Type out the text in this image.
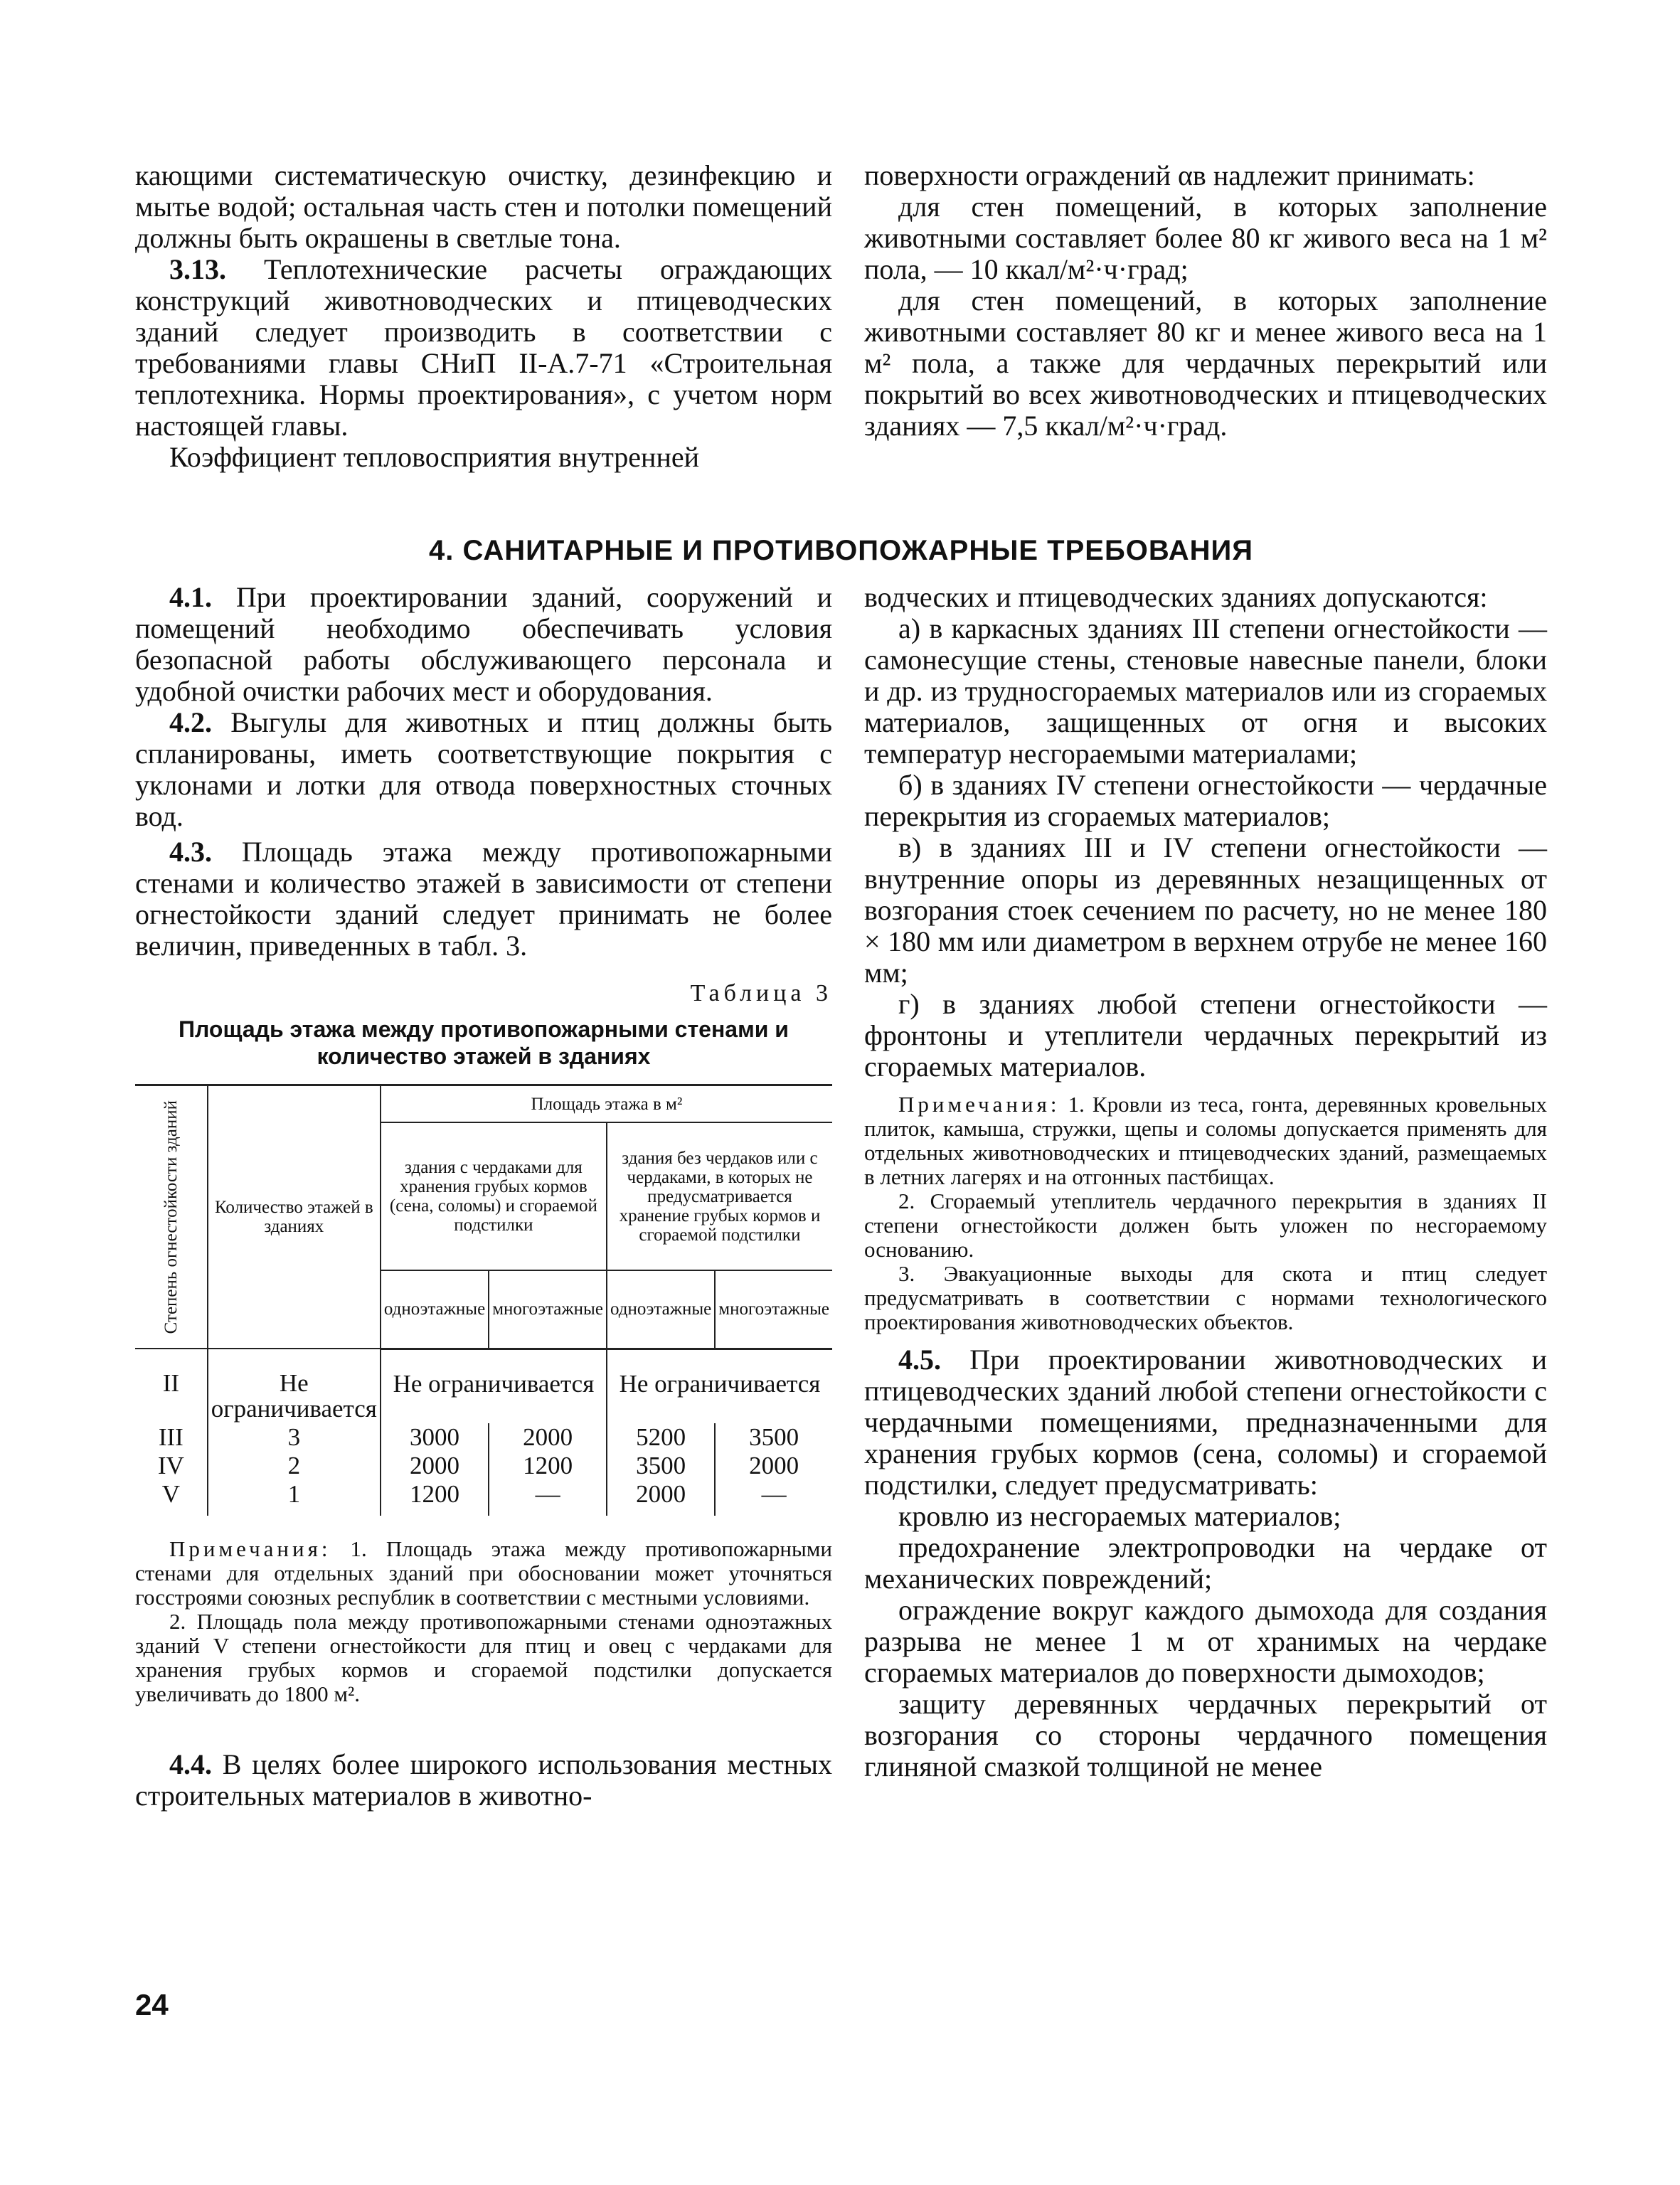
кающими систематическую очистку, дезинфекцию и мытье водой; остальная часть стен и потолки помещений должны быть окрашены в светлые тона.

3.13. Теплотехнические расчеты ограждающих конструкций животноводческих и птицеводческих зданий следует производить в соответствии с требованиями главы СНиП II-А.7-71 «Строительная теплотехника. Нормы проектирования», с учетом норм настоящей главы.

Коэффициент тепловосприятия внутренней

поверхности ограждений αв надлежит принимать:

для стен помещений, в которых заполнение животными составляет более 80 кг живого веса на 1 м² пола, — 10 ккал/м²·ч·град;

для стен помещений, в которых заполнение животными составляет 80 кг и менее живого веса на 1 м² пола, а также для чердачных перекрытий или покрытий во всех животноводческих и птицеводческих зданиях — 7,5 ккал/м²·ч·град.

4. САНИТАРНЫЕ И ПРОТИВОПОЖАРНЫЕ ТРЕБОВАНИЯ

4.1. При проектировании зданий, сооружений и помещений необходимо обеспечивать условия безопасной работы обслуживающего персонала и удобной очистки рабочих мест и оборудования.

4.2. Выгулы для животных и птиц должны быть спланированы, иметь соответствующие покрытия с уклонами и лотки для отвода поверхностных сточных вод.

4.3. Площадь этажа между противопожарными стенами и количество этажей в зависимости от степени огнестойкости зданий следует принимать не более величин, приведенных в табл. 3.

Таблица 3

Площадь этажа между противопожарными стенами и количество этажей в зданиях

Степень огнестойкости зданий	Количество этажей в зданиях	Площадь этажа в м²			
		здания с чердаками для хранения грубых кормов (сена, соломы) и сгораемой подстилки		здания без чердаков или с чердаками, в которых не предусматривается хранение грубых кормов и сгораемой подстилки	
		одноэтажные	многоэтажные	одноэтажные	многоэтажные
II	Не ограничивается	Не ограничивается		Не ограничивается	
III	3	3000	2000	5200	3500
IV	2	2000	1200	3500	2000
V	1	1200	—	2000	—

Примечания: 1. Площадь этажа между противопожарными стенами для отдельных зданий при обосновании может уточняться госстроями союзных республик в соответствии с местными условиями.

2. Площадь пола между противопожарными стенами одноэтажных зданий V степени огнестойкости для птиц и овец с чердаками для хранения грубых кормов и сгораемой подстилки допускается увеличивать до 1800 м².

4.4. В целях более широкого использования местных строительных материалов в животно-

водческих и птицеводческих зданиях допускаются:

а) в каркасных зданиях III степени огнестойкости — самонесущие стены, стеновые навесные панели, блоки и др. из трудносгораемых материалов или из сгораемых материалов, защищенных от огня и высоких температур несгораемыми материалами;

б) в зданиях IV степени огнестойкости — чердачные перекрытия из сгораемых материалов;

в) в зданиях III и IV степени огнестойкости — внутренние опоры из деревянных незащищенных от возгорания стоек сечением по расчету, но не менее 180 × 180 мм или диаметром в верхнем отрубе не менее 160 мм;

г) в зданиях любой степени огнестойкости — фронтоны и утеплители чердачных перекрытий из сгораемых материалов.

Примечания: 1. Кровли из теса, гонта, деревянных кровельных плиток, камыша, стружки, щепы и соломы допускается применять для отдельных животноводческих и птицеводческих зданий, размещаемых в летних лагерях и на отгонных пастбищах.

2. Сгораемый утеплитель чердачного перекрытия в зданиях II степени огнестойкости должен быть уложен по несгораемому основанию.

3. Эвакуационные выходы для скота и птиц следует предусматривать в соответствии с нормами технологического проектирования животноводческих объектов.

4.5. При проектировании животноводческих и птицеводческих зданий любой степени огнестойкости с чердачными помещениями, предназначенными для хранения грубых кормов (сена, соломы) и сгораемой подстилки, следует предусматривать:

кровлю из несгораемых материалов;

предохранение электропроводки на чердаке от механических повреждений;

ограждение вокруг каждого дымохода для создания разрыва не менее 1 м от хранимых на чердаке сгораемых материалов до поверхности дымоходов;

защиту деревянных чердачных перекрытий от возгорания со стороны чердачного помещения глиняной смазкой толщиной не менее

24
